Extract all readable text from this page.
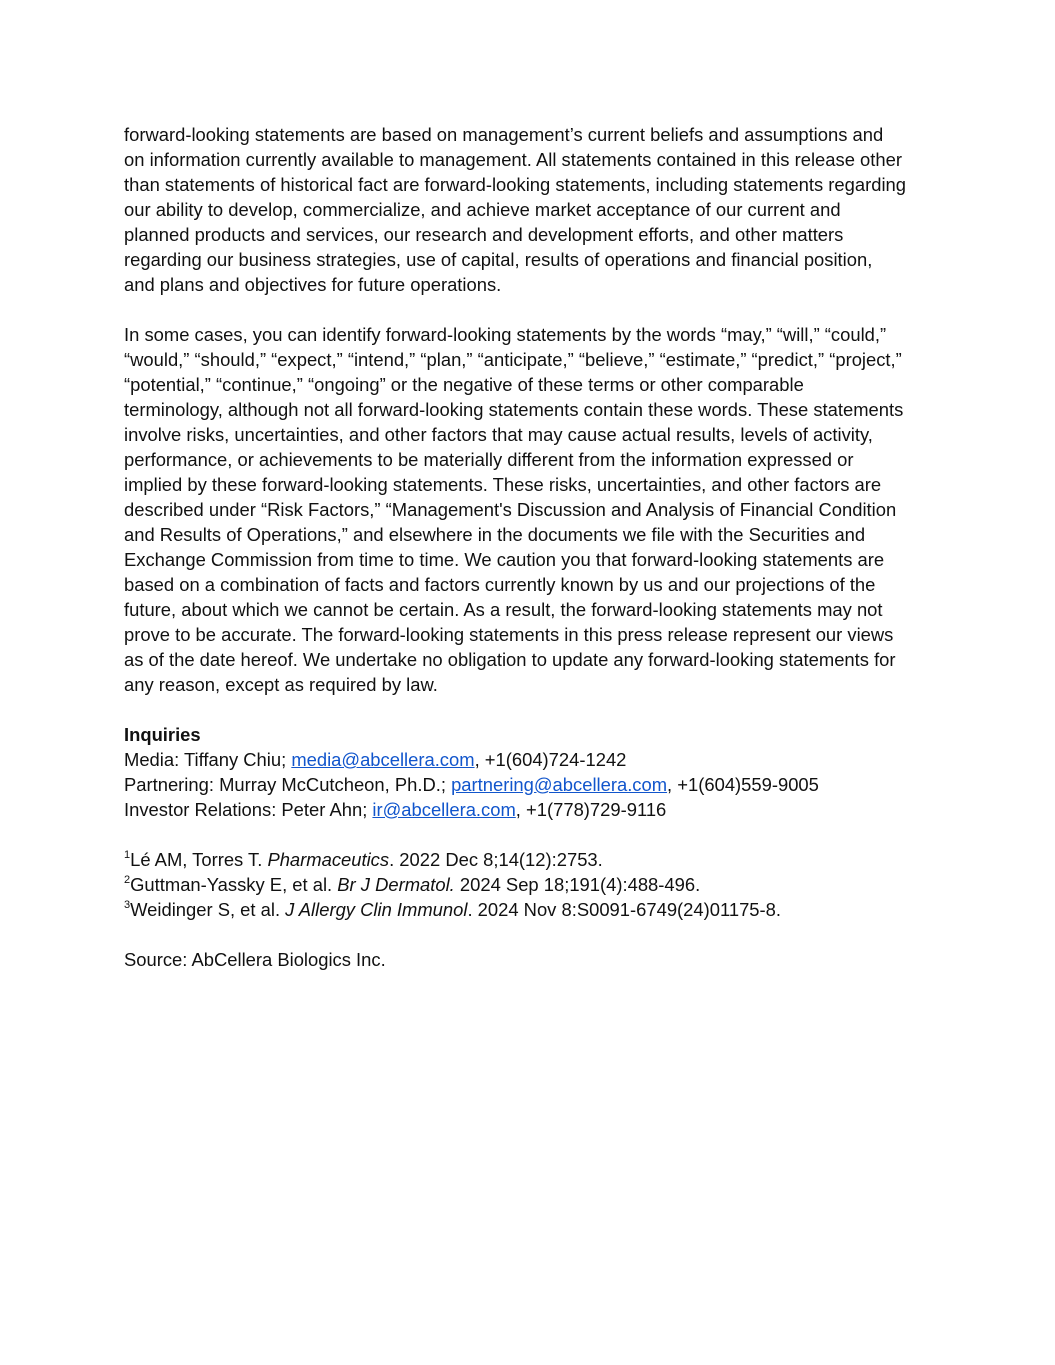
forward-looking statements are based on management’s current beliefs and assumptions and
on information currently available to management. All statements contained in this release other
than statements of historical fact are forward-looking statements, including statements regarding
our ability to develop, commercialize, and achieve market acceptance of our current and
planned products and services, our research and development efforts, and other matters
regarding our business strategies, use of capital, results of operations and financial position,
and plans and objectives for future operations.

In some cases, you can identify forward-looking statements by the words “may,” “will,” “could,”
“would,” “should,” “expect,” “intend,” “plan,” “anticipate,” “believe,” “estimate,” “predict,” “project,”
“potential,” “continue,” “ongoing” or the negative of these terms or other comparable
terminology, although not all forward-looking statements contain these words. These statements
involve risks, uncertainties, and other factors that may cause actual results, levels of activity,
performance, or achievements to be materially different from the information expressed or
implied by these forward-looking statements. These risks, uncertainties, and other factors are
described under “Risk Factors,” “Management's Discussion and Analysis of Financial Condition
and Results of Operations,” and elsewhere in the documents we file with the Securities and
Exchange Commission from time to time. We caution you that forward-looking statements are
based on a combination of facts and factors currently known by us and our projections of the
future, about which we cannot be certain. As a result, the forward-looking statements may not
prove to be accurate. The forward-looking statements in this press release represent our views
as of the date hereof. We undertake no obligation to update any forward-looking statements for
any reason, except as required by law.

Inquiries

Media: Tiffany Chiu; media@abcellera.com, +1(604)724-1242

Partnering: Murray McCutcheon, Ph.D.; partnering@abcellera.com, +1(604)559-9005

Investor Relations: Peter Ahn; ir@abcellera.com, +1(778)729-9116

$^1$Lé AM, Torres T. Pharmaceutics. 2022 Dec 8;14(12):2753.

$^2$Guttman-Yassky E, et al. Br J Dermatol. 2024 Sep 18;191(4):488-496.

$^3$Weidinger S, et al. J Allergy Clin Immunol. 2024 Nov 8:S0091-6749(24)01175-8.

Source: AbCellera Biologics Inc.
